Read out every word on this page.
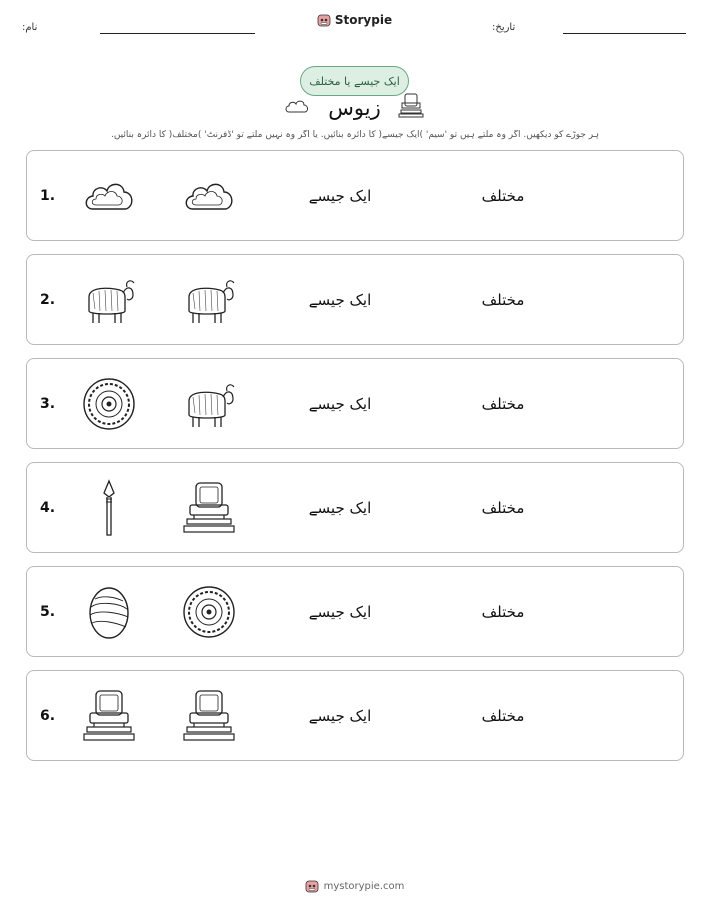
نام:
Storypie
تاریخ:
ایک جیسے یا مختلف
زیوس
ہر جوڑے کو دیکھیں. اگر وہ ملتے ہیں تو 'سیم' )ایک جیسے( کا دائرہ بنائیں. یا اگر وہ نہیں ملتے تو 'ڈفرنٹ' )مختلف( کا دائرہ بنائیں.
1.	ایک جیسے	مختلف
2.	ایک جیسے	مختلف
3.	ایک جیسے	مختلف
4.	ایک جیسے	مختلف
5.	ایک جیسے	مختلف
6.	ایک جیسے	مختلف
mystorypie.com
